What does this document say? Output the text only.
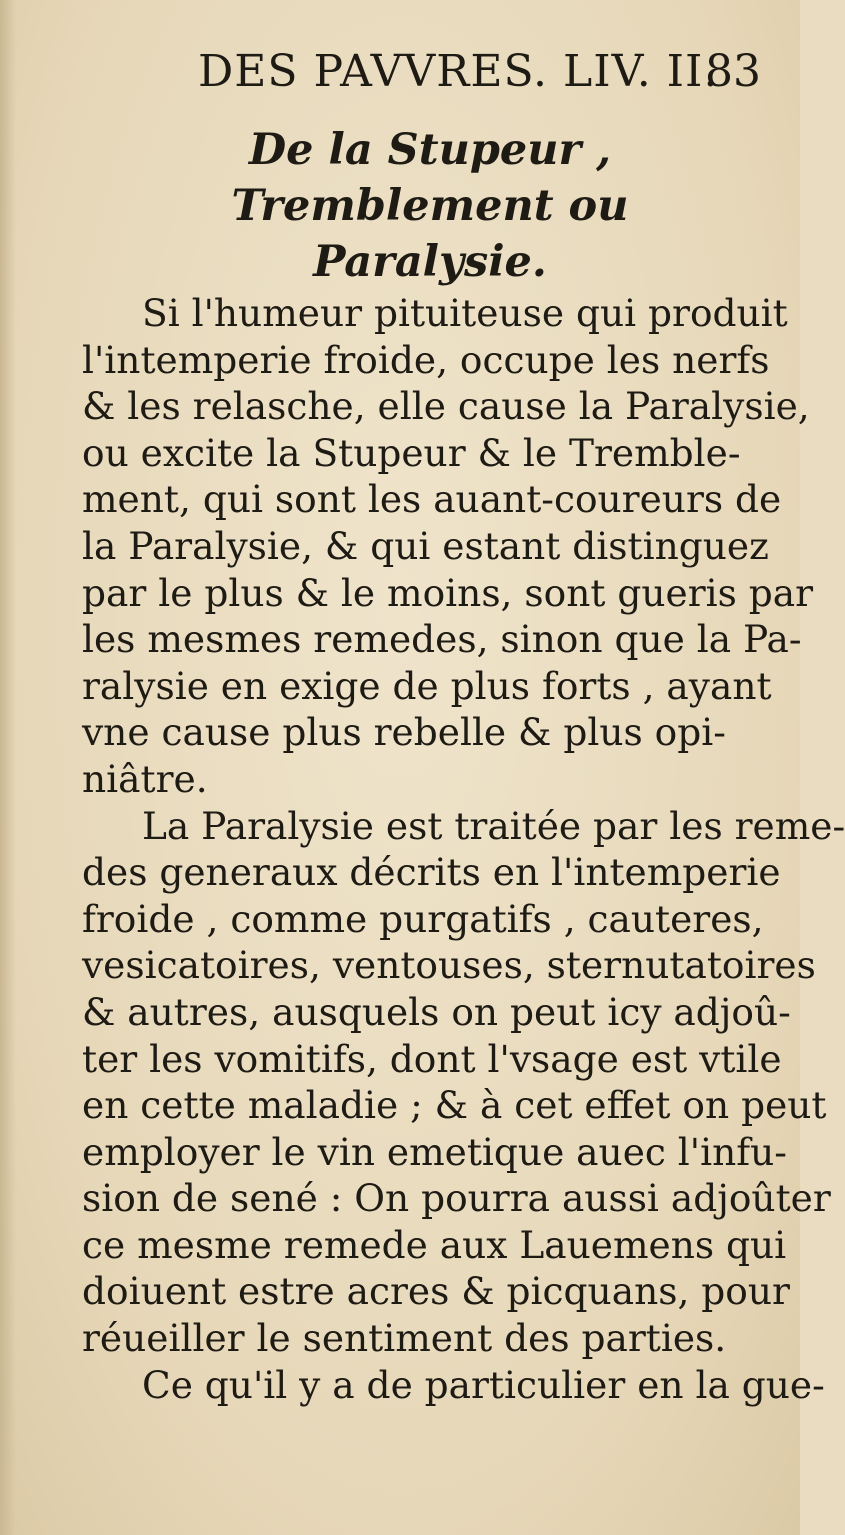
DES PAVVRES. LIV. II.
83
De la Stupeur , Tremblement ou
Paralysie.

Si l'humeur pituiteuse qui produit
l'intemperie froide, occupe les nerfs
& les relasche, elle cause la Paralysie,
ou excite la Stupeur & le Tremble-
ment, qui sont les auant-coureurs de
la Paralysie, & qui estant distinguez
par le plus & le moins, sont gueris par
les mesmes remedes, sinon que la Pa-
ralysie en exige de plus forts , ayant
vne cause plus rebelle & plus opi-
niâtre.

La Paralysie est traitée par les reme-
des generaux décrits en l'intemperie
froide , comme purgatifs , cauteres,
vesicatoires, ventouses, sternutatoires
& autres, ausquels on peut icy adjoû-
ter les vomitifs, dont l'vsage est vtile
en cette maladie ; & à cet effet on peut
employer le vin emetique auec l'infu-
sion de sené : On pourra aussi adjoûter
ce mesme remede aux Lauemens qui
doiuent estre acres & picquans, pour
réueiller le sentiment des parties.

Ce qu'il y a de particulier en la gue-
